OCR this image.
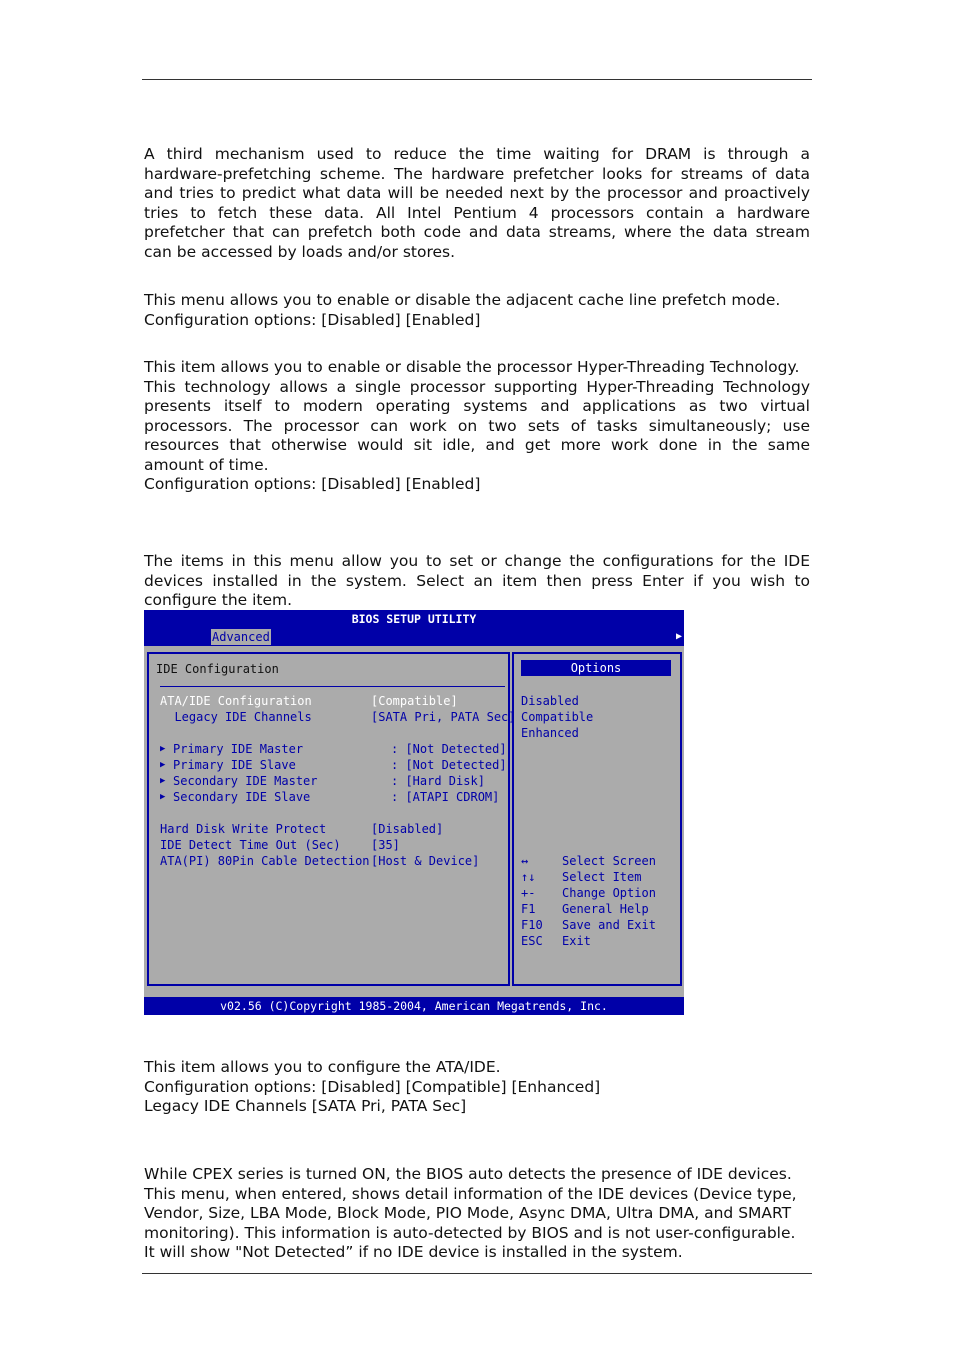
A third mechanism used to reduce the time waiting for DRAM is through a
hardware-prefetching scheme. The hardware prefetcher looks for streams of data
and tries to predict what data will be needed next by the processor and proactively
tries to fetch these data. All Intel Pentium 4 processors contain a hardware
prefetcher that can prefetch both code and data streams, where the data stream
can be accessed by loads and/or stores.
This menu allows you to enable or disable the adjacent cache line prefetch mode.
Configuration options: [Disabled] [Enabled]
This item allows you to enable or disable the processor Hyper-Threading Technology.
This technology allows a single processor supporting Hyper-Threading Technology
presents itself to modern operating systems and applications as two virtual
processors. The processor can work on two sets of tasks simultaneously; use
resources that otherwise would sit idle, and get more work done in the same
amount of time.
Configuration options: [Disabled] [Enabled]
The items in this menu allow you to set or change the configurations for the IDE
devices installed in the system. Select an item then press Enter if you wish to
configure the item.
BIOS SETUP UTILITY
Advanced	▶
IDE Configuration
ATA/IDE Configuration	[Compatible]
Legacy IDE Channels	[SATA Pri, PATA Sec]
▶ Primary IDE Master	: [Not Detected]
▶ Primary IDE Slave	: [Not Detected]
▶ Secondary IDE Master	: [Hard Disk]
▶ Secondary IDE Slave	: [ATAPI CDROM]
Hard Disk Write Protect	[Disabled]
IDE Detect Time Out (Sec)	[35]
ATA(PI) 80Pin Cable Detection [Host & Device]
Options
Disabled
Compatible
Enhanced
↔	Select Screen
↑↓ Select Item
+- Change Option
F1 General Help
F10 Save and Exit
ESC Exit
v02.56 (C)Copyright 1985-2004, American Megatrends, Inc.
This item allows you to configure the ATA/IDE.
Configuration options: [Disabled] [Compatible] [Enhanced]
Legacy IDE Channels [SATA Pri, PATA Sec]
While CPEX series is turned ON, the BIOS auto detects the presence of IDE devices.
This menu, when entered, shows detail information of the IDE devices (Device type,
Vendor, Size, LBA Mode, Block Mode, PIO Mode, Async DMA, Ultra DMA, and SMART
monitoring). This information is auto-detected by BIOS and is not user-configurable.
It will show "Not Detected” if no IDE device is installed in the system.
